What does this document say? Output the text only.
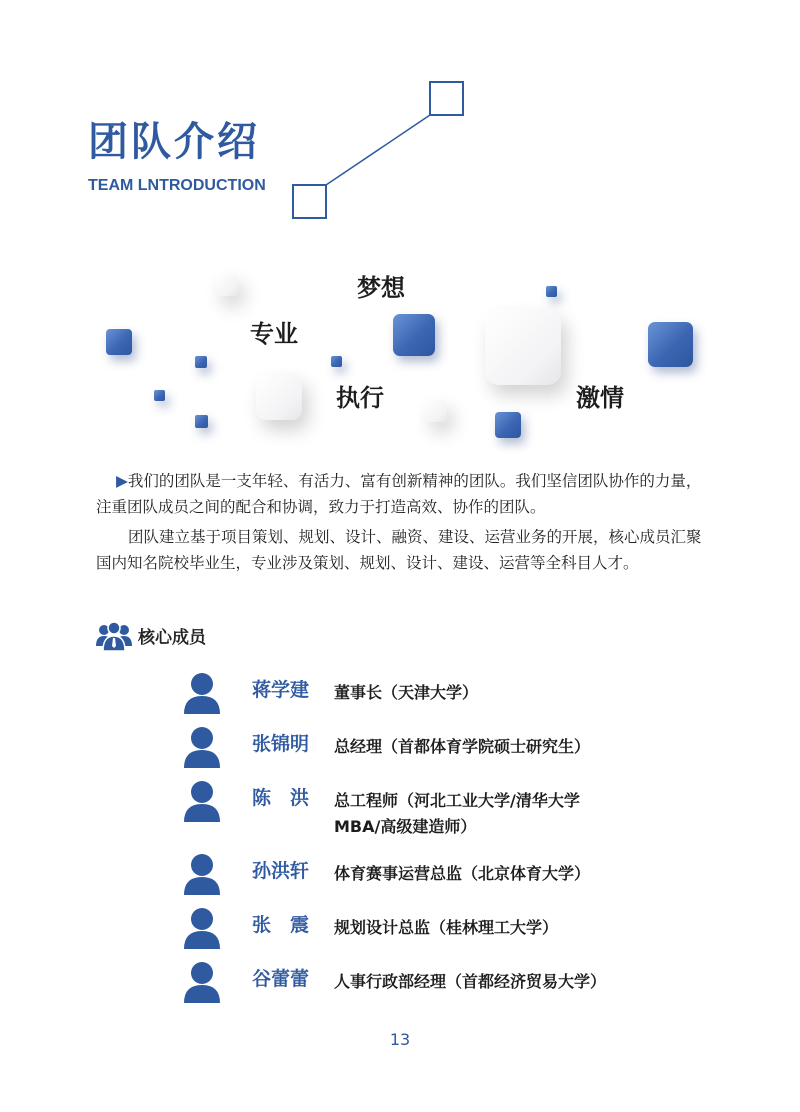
团队介绍
TEAM LNTRODUCTION
梦想
专业
执行	激情

▶我们的团队是一支年轻、有活力、富有创新精神的团队。我们坚信团队协作的力量，注重团队成员之间的配合和协调，致力于打造高效、协作的团队。

团队建立基于项目策划、规划、设计、融资、建设、运营业务的开展，核心成员汇聚国内知名院校毕业生，专业涉及策划、规划、设计、建设、运营等全科目人才。

核心成员
蒋学建	董事长（天津大学）
张锦明	总经理（首都体育学院硕士研究生）
陈　洪	总工程师（河北工业大学/清华大学MBA/高级建造师）
孙洪轩	体育赛事运营总监（北京体育大学）
张　震	规划设计总监（桂林理工大学）
谷蕾蕾	人事行政部经理（首都经济贸易大学）
13
